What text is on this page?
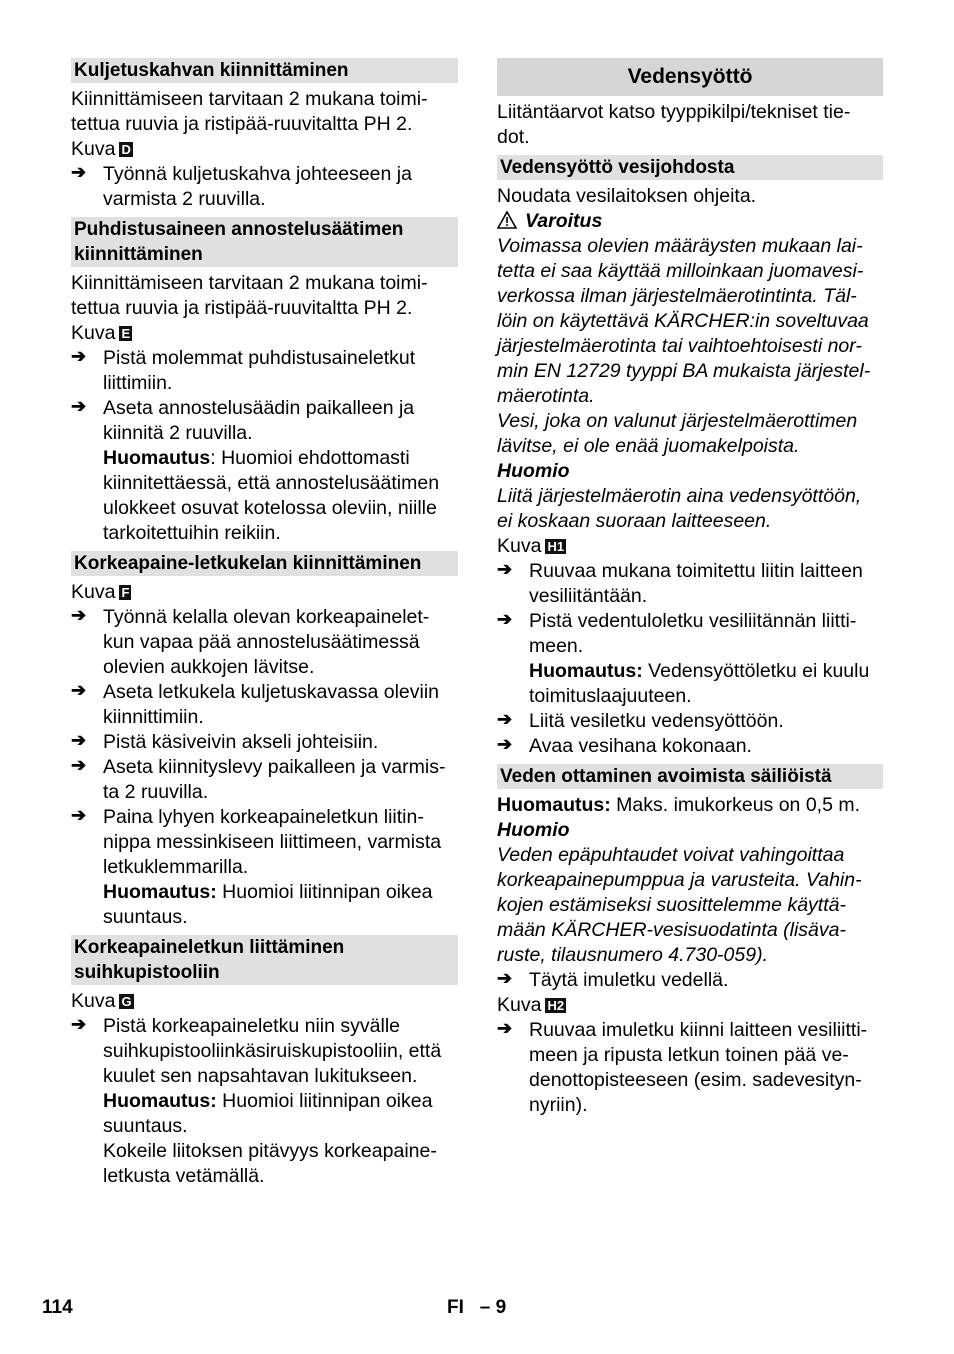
Kuljetuskahvan kiinnittäminen

Kiinnittämiseen tarvitaan 2 mukana toimi-

tettua ruuvia ja ristipää-ruuvitaltta PH 2.

Kuva D

➔ Työnnä kuljetuskahva johteeseen ja

varmista 2 ruuvilla.

Puhdistusaineen annostelusäätimen
kiinnittäminen

Kiinnittämiseen tarvitaan 2 mukana toimi-

tettua ruuvia ja ristipää-ruuvitaltta PH 2.

Kuva E

➔ Pistä molemmat puhdistusaineletkut

liittimiin.

➔ Aseta annostelusäädin paikalleen ja

kiinnitä 2 ruuvilla.

Huomautus: Huomioi ehdottomasti

kiinnitettäessä, että annostelusäätimen

ulokkeet osuvat kotelossa oleviin, niille

tarkoitettuihin reikiin.

Korkeapaine-letkukelan kiinnittäminen

Kuva F

➔ Työnnä kelalla olevan korkeapainelet-

kun vapaa pää annostelusäätimessä

olevien aukkojen lävitse.

➔ Aseta letkukela kuljetuskavassa oleviin

kiinnittimiin.

➔ Pistä käsiveivin akseli johteisiin.

➔ Aseta kiinnityslevy paikalleen ja varmis-

ta 2 ruuvilla.

➔ Paina lyhyen korkeapaineletkun liitin-

nippa messinkiseen liittimeen, varmista

letkuklemmarilla.

Huomautus: Huomioi liitinnipan oikea

suuntaus.

Korkeapaineletkun liittäminen
suihkupistooliin

Kuva G

➔ Pistä korkeapaineletku niin syvälle

suihkupistooliinkäsiruiskupistooliin, että

kuulet sen napsahtavan lukitukseen.

Huomautus: Huomioi liitinnipan oikea

suuntaus.

Kokeile liitoksen pitävyys korkeapaine-

letkusta vetämällä.

Vedensyöttö

Liitäntäarvot katso tyyppikilpi/tekniset tie-

dot.

Vedensyöttö vesijohdosta

Noudata vesilaitoksen ohjeita.

Varoitus

Voimassa olevien määräysten mukaan lai-

tetta ei saa käyttää milloinkaan juomavesi-

verkossa ilman järjestelmäerotintinta. Täl-

löin on käytettävä KÄRCHER:in soveltuvaa

järjestelmäerotinta tai vaihtoehtoisesti nor-

min EN 12729 tyyppi BA mukaista järjestel-

mäerotinta.

Vesi, joka on valunut järjestelmäerottimen

lävitse, ei ole enää juomakelpoista.

Huomio

Liitä järjestelmäerotin aina vedensyöttöön,

ei koskaan suoraan laitteeseen.

Kuva H1

➔ Ruuvaa mukana toimitettu liitin laitteen

vesiliitäntään.

➔ Pistä vedentuloletku vesiliitännän liitti-

meen.

Huomautus: Vedensyöttöletku ei kuulu

toimituslaajuuteen.

➔ Liitä vesiletku vedensyöttöön.

➔ Avaa vesihana kokonaan.

Veden ottaminen avoimista säiliöistä

Huomautus: Maks. imukorkeus on 0,5 m.

Huomio

Veden epäpuhtaudet voivat vahingoittaa

korkeapainepumppua ja varusteita. Vahin-

kojen estämiseksi suosittelemme käyttä-

mään KÄRCHER-vesisuodatinta (lisäva-

ruste, tilausnumero 4.730-059).

➔ Täytä imuletku vedellä.

Kuva H2

➔ Ruuvaa imuletku kiinni laitteen vesiliitti-

meen ja ripusta letkun toinen pää ve-

denottopisteeseen (esim. sadevesityn-

nyriin).

114	FI   – 9
